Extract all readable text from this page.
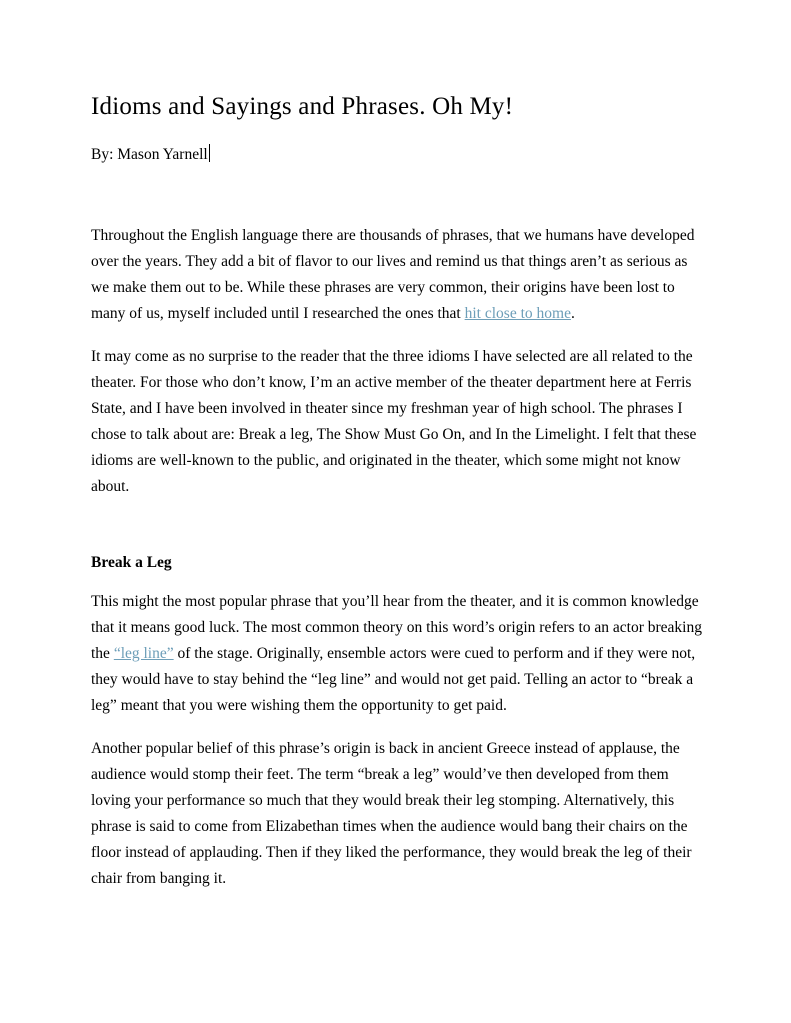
Idioms and Sayings and Phrases. Oh My!

By: Mason Yarnell

Throughout the English language there are thousands of phrases, that we humans have developed over the years. They add a bit of flavor to our lives and remind us that things aren’t as serious as we make them out to be. While these phrases are very common, their origins have been lost to many of us, myself included until I researched the ones that hit close to home.

It may come as no surprise to the reader that the three idioms I have selected are all related to the theater. For those who don’t know, I’m an active member of the theater department here at Ferris State, and I have been involved in theater since my freshman year of high school. The phrases I chose to talk about are: Break a leg, The Show Must Go On, and In the Limelight. I felt that these idioms are well-known to the public, and originated in the theater, which some might not know about.

Break a Leg

This might the most popular phrase that you’ll hear from the theater, and it is common knowledge that it means good luck. The most common theory on this word’s origin refers to an actor breaking the “leg line” of the stage. Originally, ensemble actors were cued to perform and if they were not, they would have to stay behind the “leg line” and would not get paid. Telling an actor to “break a leg” meant that you were wishing them the opportunity to get paid.

Another popular belief of this phrase’s origin is back in ancient Greece instead of applause, the audience would stomp their feet. The term “break a leg” would’ve then developed from them loving your performance so much that they would break their leg stomping. Alternatively, this phrase is said to come from Elizabethan times when the audience would bang their chairs on the floor instead of applauding. Then if they liked the performance, they would break the leg of their chair from banging it.
